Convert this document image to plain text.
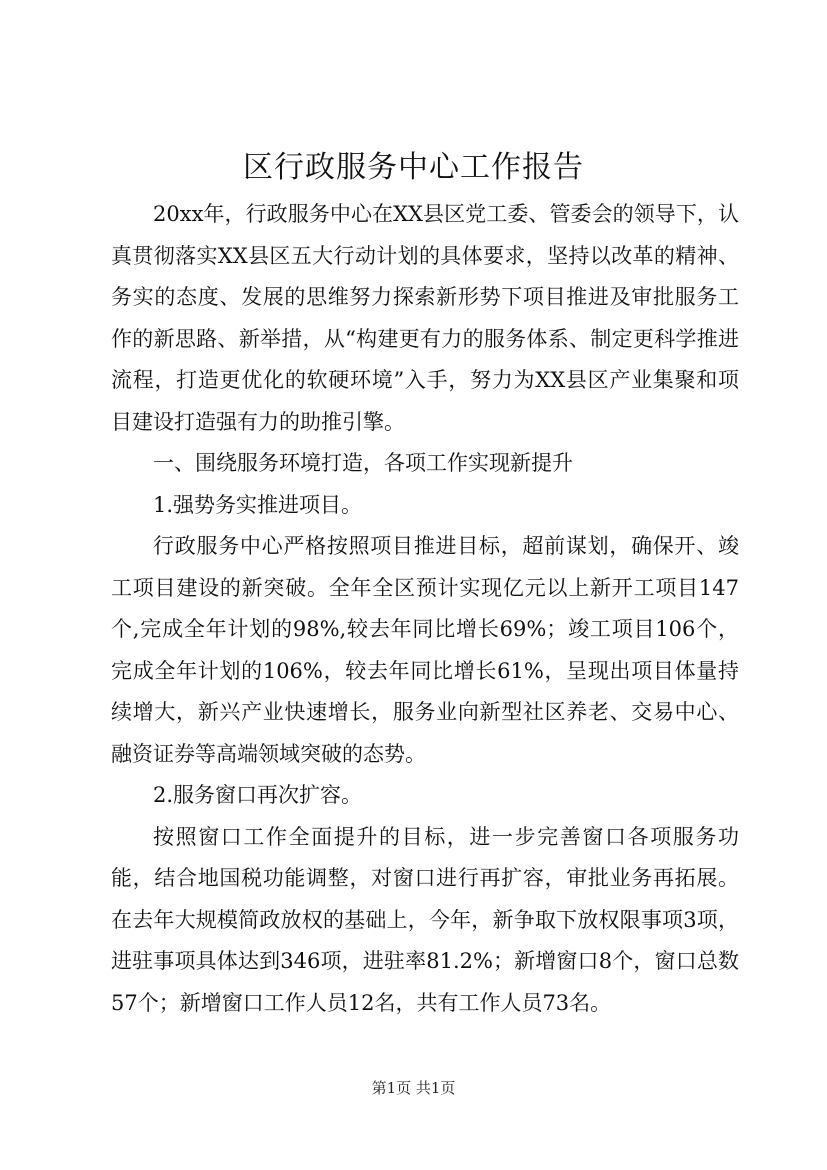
区行政服务中心工作报告

20xx年，行政服务中心在XX县区党工委、管委会的领导下，认真贯彻落实XX县区五大行动计划的具体要求，坚持以改革的精神、务实的态度、发展的思维努力探索新形势下项目推进及审批服务工作的新思路、新举措，从“构建更有力的服务体系、制定更科学推进流程，打造更优化的软硬环境”入手，努力为XX县区产业集聚和项目建设打造强有力的助推引擎。

一、围绕服务环境打造，各项工作实现新提升

1.强势务实推进项目。

行政服务中心严格按照项目推进目标，超前谋划，确保开、竣工项目建设的新突破。全年全区预计实现亿元以上新开工项目147个,完成全年计划的98%,较去年同比增长69%；竣工项目106个，完成全年计划的106%，较去年同比增长61%，呈现出项目体量持续增大，新兴产业快速增长，服务业向新型社区养老、交易中心、融资证券等高端领域突破的态势。

2.服务窗口再次扩容。

按照窗口工作全面提升的目标，进一步完善窗口各项服务功能，结合地国税功能调整，对窗口进行再扩容，审批业务再拓展。在去年大规模简政放权的基础上，今年，新争取下放权限事项3项，进驻事项具体达到346项，进驻率81.2%；新增窗口8个，窗口总数57个；新增窗口工作人员12名，共有工作人员73名。

第1页 共1页
